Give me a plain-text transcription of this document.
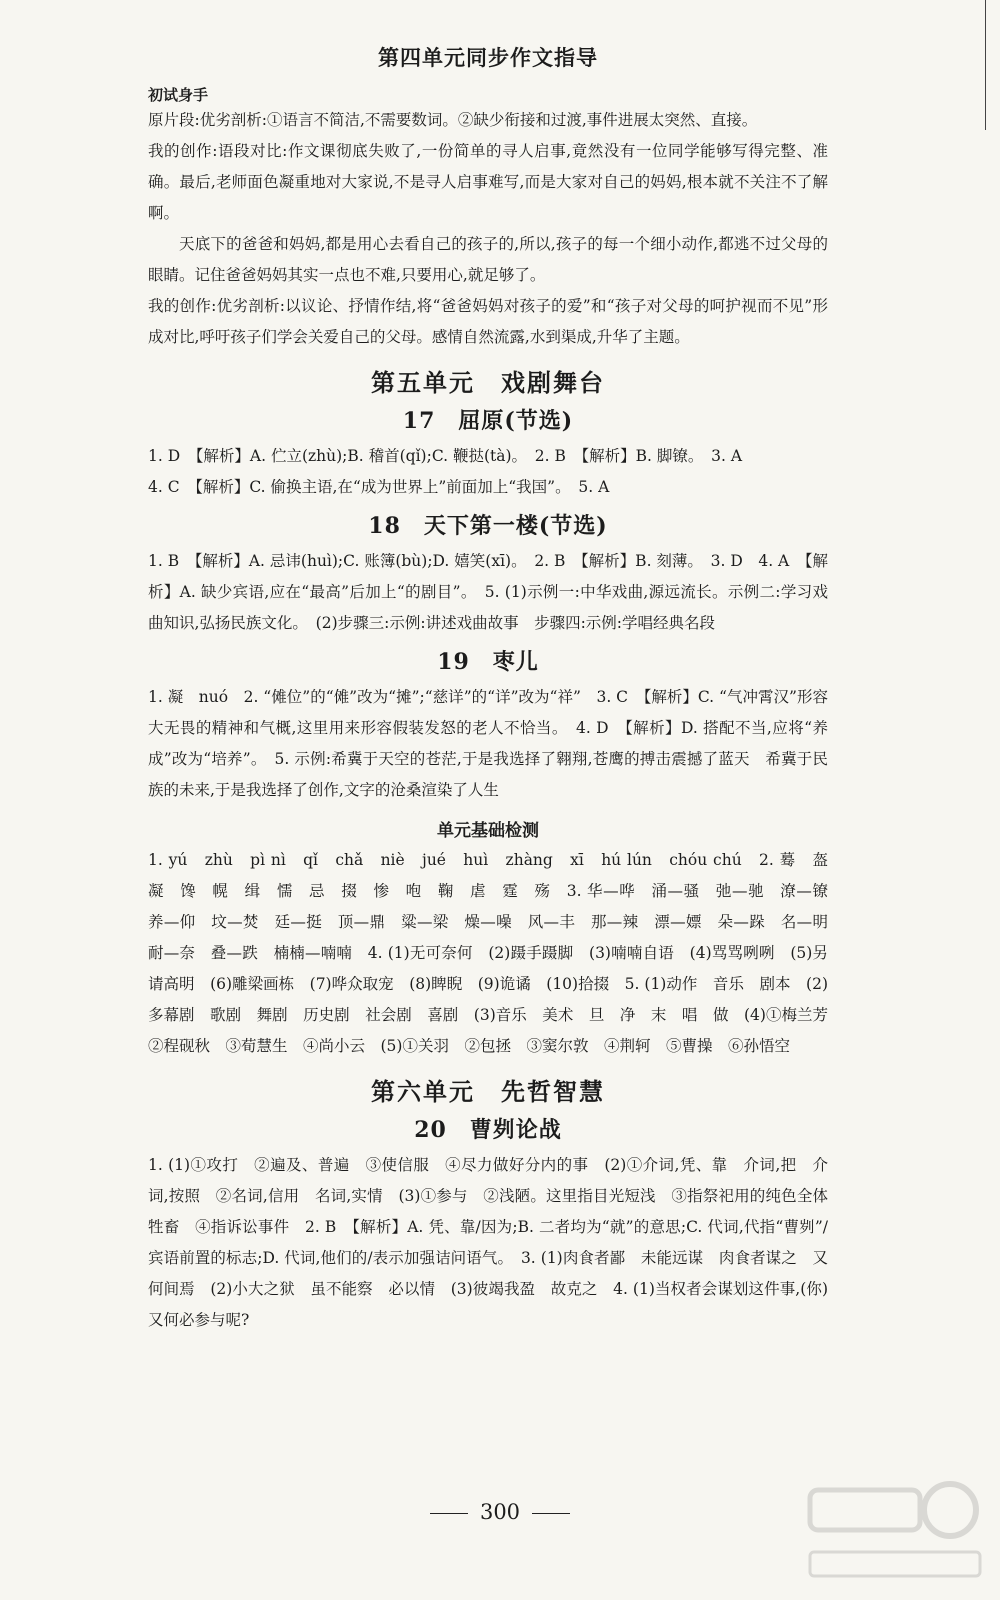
第四单元同步作文指导
初试身手

原片段:优劣剖析:①语言不简洁,不需要数词。②缺少衔接和过渡,事件进展太突然、直接。

我的创作:语段对比:作文课彻底失败了,一份简单的寻人启事,竟然没有一位同学能够写得完整、准确。最后,老师面色凝重地对大家说,不是寻人启事难写,而是大家对自己的妈妈,根本就不关注不了解啊。

天底下的爸爸和妈妈,都是用心去看自己的孩子的,所以,孩子的每一个细小动作,都逃不过父母的眼睛。记住爸爸妈妈其实一点也不难,只要用心,就足够了。

我的创作:优劣剖析:以议论、抒情作结,将“爸爸妈妈对孩子的爱”和“孩子对父母的呵护视而不见”形成对比,呼吁孩子们学会关爱自己的父母。感情自然流露,水到渠成,升华了主题。

第五单元　戏剧舞台
17　屈原(节选)

1. D　【解析】A. 伫立(zhù);B. 稽首(qǐ);C. 鞭挞(tà)。　2. B　【解析】B. 脚镣。　3. A

4. C　【解析】C. 偷换主语,在“成为世界上”前面加上“我国”。　5. A

18　天下第一楼(节选)

1. B　【解析】A. 忌讳(huì);C. 账簿(bù);D. 嬉笑(xī)。　2. B　【解析】B. 刻薄。　3. D　4. A　【解析】A. 缺少宾语,应在“最高”后加上“的剧目”。　5. (1)示例一:中华戏曲,源远流长。示例二:学习戏曲知识,弘扬民族文化。　(2)步骤三:示例:讲述戏曲故事　步骤四:示例:学唱经典名段

19　枣儿

1. 凝　nuó　2. “傩位”的“傩”改为“摊”;“慈详”的“详”改为“祥”　3. C　【解析】C. “气冲霄汉”形容大无畏的精神和气概,这里用来形容假装发怒的老人不恰当。　4. D　【解析】D. 搭配不当,应将“养成”改为“培养”。　5. 示例:希冀于天空的苍茫,于是我选择了翱翔,苍鹰的搏击震撼了蓝天　希冀于民族的未来,于是我选择了创作,文字的沧桑渲染了人生

单元基础检测

1. yú　zhù　pì nì　qǐ　chǎ　niè　jué　huì　zhàng　xī　hú lún　chóu chú　2. 蓦　盔　凝　馋　幌　缉　懦　忌　掇　惨　咆　鞠　虐　霆　殇　3. 华—哗　涌—骚　弛—驰　潦—镣　养—仰　坟—焚　廷—挺　顶—鼎　粱—梁　燥—噪　风—丰　那—辣　漂—嫖　朵—跺　名—明　耐—奈　叠—跌　楠楠—喃喃　4. (1)无可奈何　(2)蹑手蹑脚　(3)喃喃自语　(4)骂骂咧咧　(5)另请高明　(6)雕梁画栋　(7)哗众取宠　(8)睥睨　(9)诡谲　(10)拾掇　5. (1)动作　音乐　剧本　(2)多幕剧　歌剧　舞剧　历史剧　社会剧　喜剧　(3)音乐　美术　旦　净　末　唱　做　(4)①梅兰芳　②程砚秋　③荀慧生　④尚小云　(5)①关羽　②包拯　③窦尔敦　④荆轲　⑤曹操　⑥孙悟空

第六单元　先哲智慧
20　曹刿论战

1. (1)①攻打　②遍及、普遍　③使信服　④尽力做好分内的事　(2)①介词,凭、靠　介词,把　介词,按照　②名词,信用　名词,实情　(3)①参与　②浅陋。这里指目光短浅　③指祭祀用的纯色全体牲畜　④指诉讼事件　2. B　【解析】A. 凭、靠/因为;B. 二者均为“就”的意思;C. 代词,代指“曹刿”/宾语前置的标志;D. 代词,他们的/表示加强诘问语气。　3. (1)肉食者鄙　未能远谋　肉食者谋之　又何间焉　(2)小大之狱　虽不能察　必以情　(3)彼竭我盈　故克之　4. (1)当权者会谋划这件事,(你)又何必参与呢?

300
